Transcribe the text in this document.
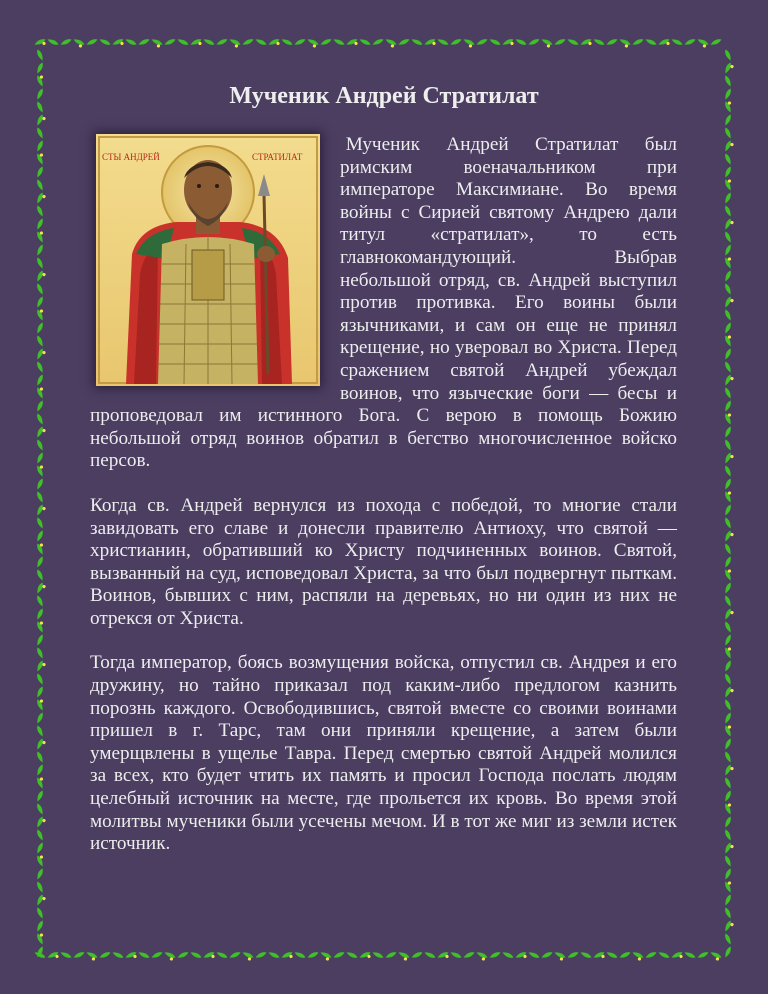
Мученик Андрей Стратилат
СТЫ АНДРЕЙ	СТРАТИЛАТ

Мученик Андрей Стратилат был римским военачальником при императоре Максимиане. Во время войны с Сирией святому Андрею дали титул «стратилат», то есть главнокомандующий. Выбрав небольшой отряд, св. Андрей выступил против противка. Его воины были язычниками, и сам он еще не принял крещение, но уверовал во Христа. Перед сражением святой Андрей убеждал воинов, что языческие боги — бесы и проповедовал им истинного Бога. С верою в помощь Божию небольшой отряд воинов обратил в бегство многочисленное войско персов.

Когда св. Андрей вернулся из похода с победой, то многие стали завидовать его славе и донесли правителю Антиоху, что святой — христианин, обративший ко Христу подчиненных воинов. Святой, вызванный на суд, исповедовал Христа, за что был подвергнут пыткам. Воинов, бывших с ним, распяли на деревьях, но ни один из них не отрекся от Христа.

Тогда император, боясь возмущения войска, отпустил св. Андрея и его дружину, но тайно приказал под каким-либо предлогом казнить порознь каждого. Освободившись, святой вместе со своими воинами пришел в г. Тарс, там они приняли крещение, а затем были умерщвлены в ущелье Тавра. Перед смертью святой Андрей молился за всех, кто будет чтить их память и просил Господа послать людям целебный источник на месте, где прольется их кровь. Во время этой молитвы мученики были усечены мечом. И в тот же миг из земли истек источник.
